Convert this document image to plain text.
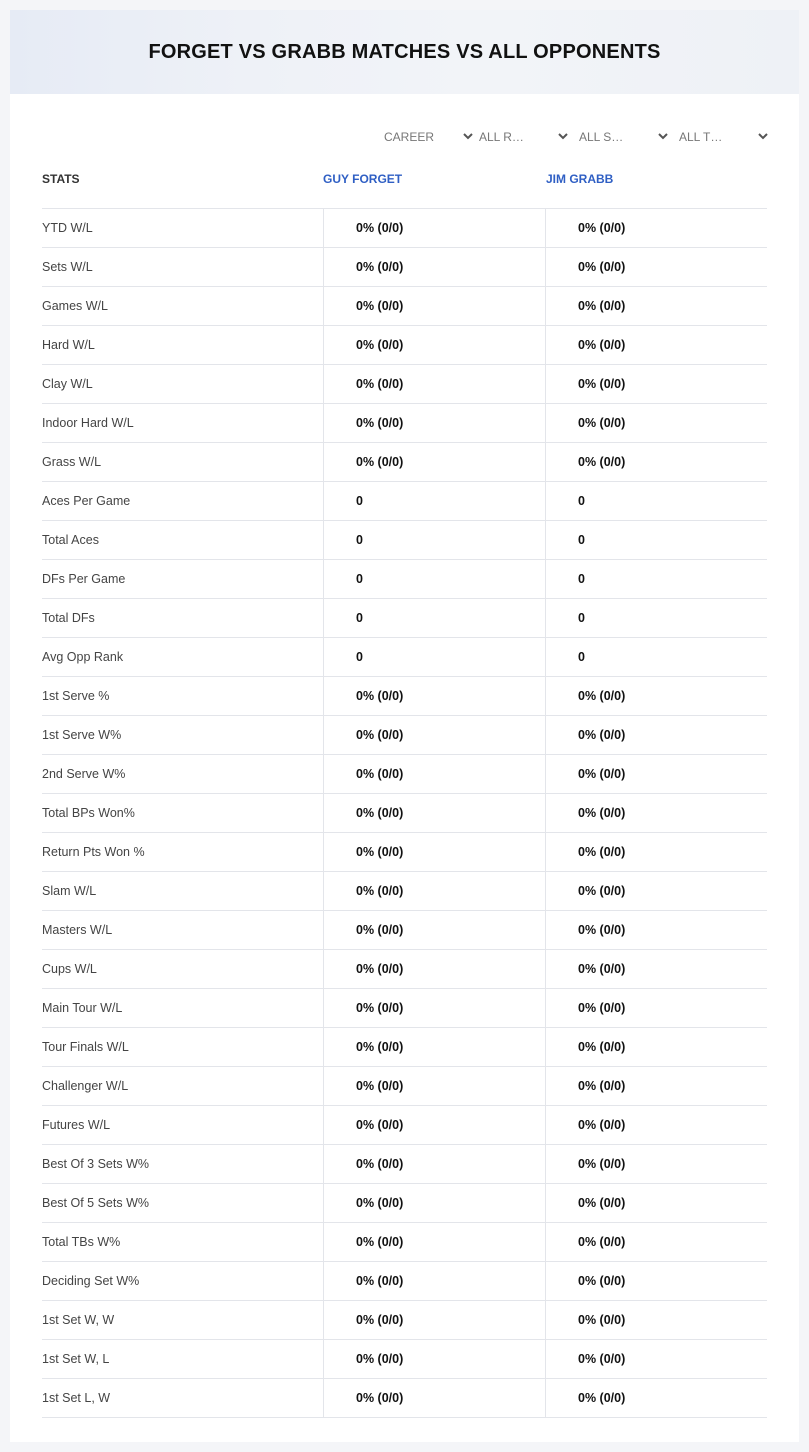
FORGET VS GRABB MATCHES VS ALL OPPONENTS
CAREER	ALL R…	ALL S…	ALL T…
STATS	GUY FORGET	JIM GRABB
YTD W/L	0% (0/0)	0% (0/0)
Sets W/L	0% (0/0)	0% (0/0)
Games W/L	0% (0/0)	0% (0/0)
Hard W/L	0% (0/0)	0% (0/0)
Clay W/L	0% (0/0)	0% (0/0)
Indoor Hard W/L	0% (0/0)	0% (0/0)
Grass W/L	0% (0/0)	0% (0/0)
Aces Per Game	0	0
Total Aces	0	0
DFs Per Game	0	0
Total DFs	0	0
Avg Opp Rank	0	0
1st Serve %	0% (0/0)	0% (0/0)
1st Serve W%	0% (0/0)	0% (0/0)
2nd Serve W%	0% (0/0)	0% (0/0)
Total BPs Won%	0% (0/0)	0% (0/0)
Return Pts Won %	0% (0/0)	0% (0/0)
Slam W/L	0% (0/0)	0% (0/0)
Masters W/L	0% (0/0)	0% (0/0)
Cups W/L	0% (0/0)	0% (0/0)
Main Tour W/L	0% (0/0)	0% (0/0)
Tour Finals W/L	0% (0/0)	0% (0/0)
Challenger W/L	0% (0/0)	0% (0/0)
Futures W/L	0% (0/0)	0% (0/0)
Best Of 3 Sets W%	0% (0/0)	0% (0/0)
Best Of 5 Sets W%	0% (0/0)	0% (0/0)
Total TBs W%	0% (0/0)	0% (0/0)
Deciding Set W%	0% (0/0)	0% (0/0)
1st Set W, W	0% (0/0)	0% (0/0)
1st Set W, L	0% (0/0)	0% (0/0)
1st Set L, W	0% (0/0)	0% (0/0)
